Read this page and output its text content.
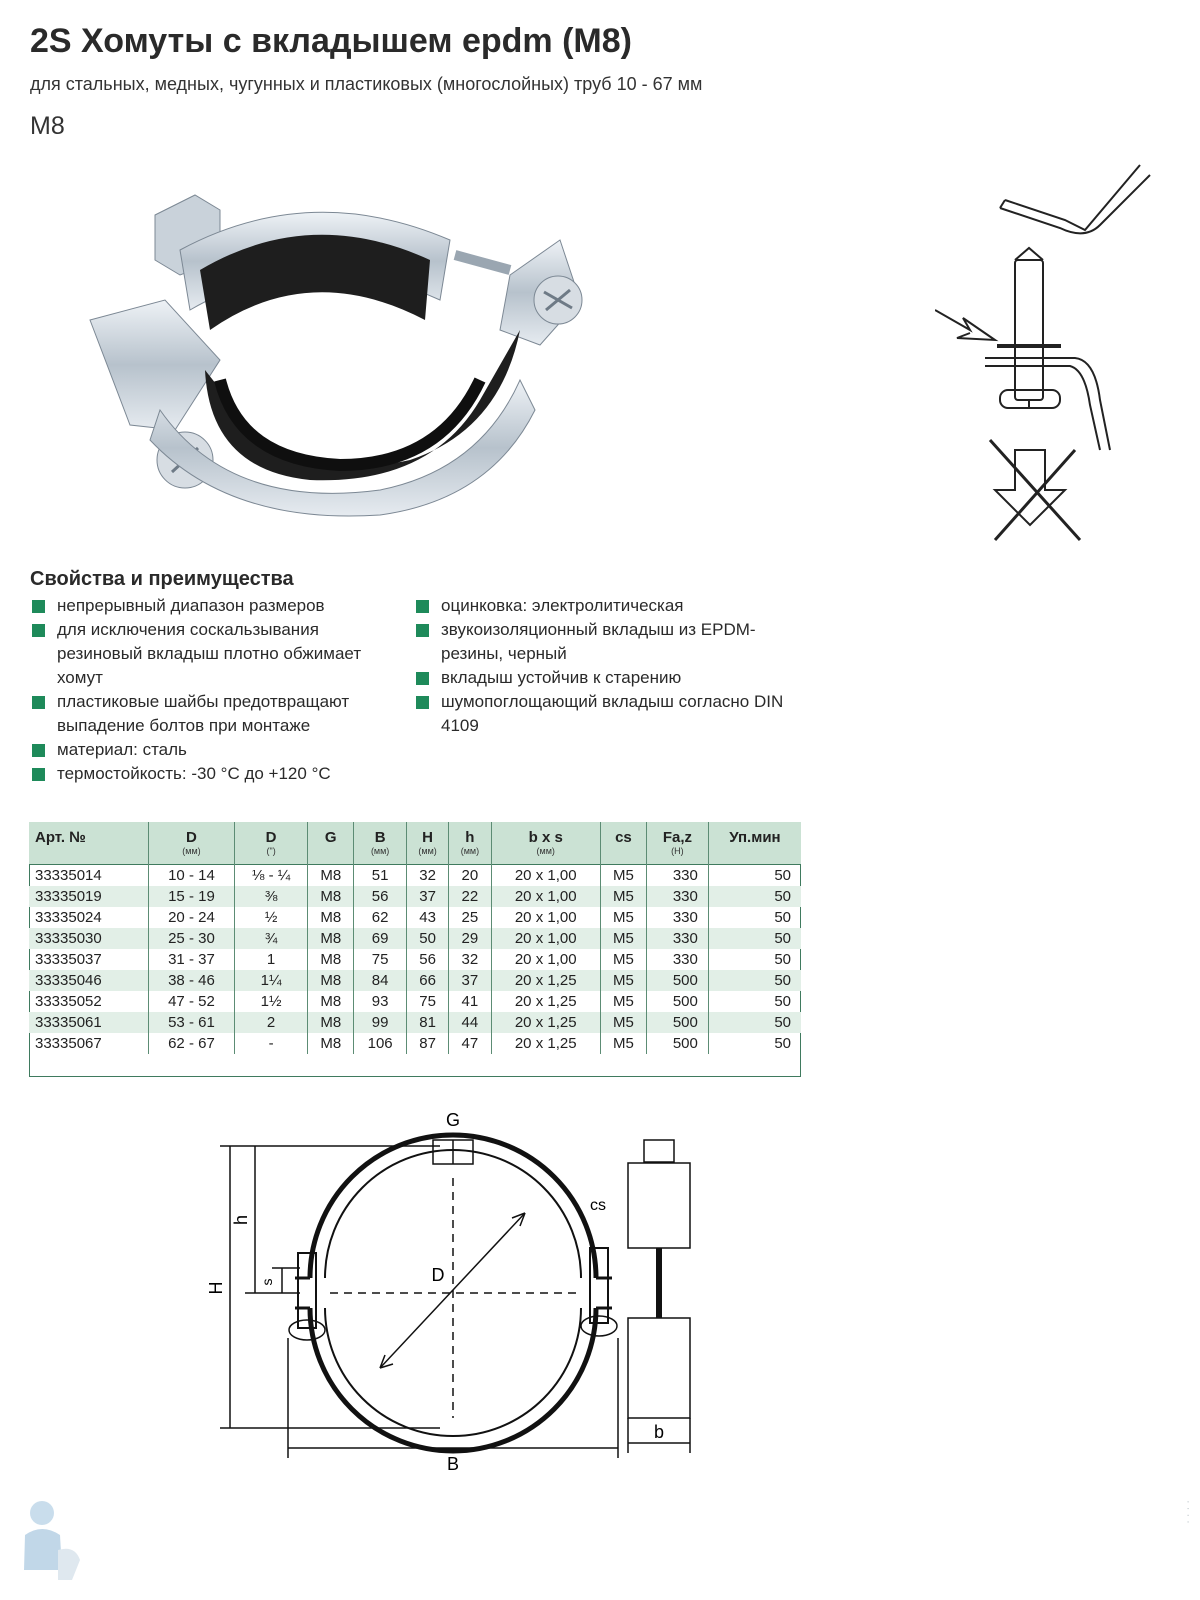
2S Хомуты с вкладышем epdm (М8)
для стальных, медных, чугунных и пластиковых (многослойных) труб 10 - 67 мм
М8
Свойства и преимущества
непрерывный диапазон размеров
для исключения соскальзывания резиновый вкладыш плотно обжимает хомут
пластиковые шайбы предотвращают выпадение болтов при монтаже
материал: сталь
термостойкость: -30 °С до +120 °С
оцинковка: электролитическая
звукоизоляционный вкладыш из EPDM-резины, черный
вкладыш устойчив к старению
шумопоглощающий вкладыш согласно DIN 4109
Арт. №	D	D	G	B	H	h	b x s	cs	Fa,z	Уп.мин
	(мм)	(")		(мм)	(мм)	(мм)	(мм)		(Н)	
33335014	10 - 14	⅛ - ¼	M8	51	32	20	20 x 1,00	M5	330	50
33335019	15 - 19	⅜	M8	56	37	22	20 x 1,00	M5	330	50
33335024	20 - 24	½	M8	62	43	25	20 x 1,00	M5	330	50
33335030	25 - 30	¾	M8	69	50	29	20 x 1,00	M5	330	50
33335037	31 - 37	1	M8	75	56	32	20 x 1,00	M5	330	50
33335046	38 - 46	1¼	M8	84	66	37	20 x 1,25	M5	500	50
33335052	47 - 52	1½	M8	93	75	41	20 x 1,25	M5	500	50
33335061	53 - 61	2	M8	99	81	44	20 x 1,25	M5	500	50
33335067	62 - 67	-	M8	106	87	47	20 x 1,25	M5	500	50
G
cs
H
h
s	D
B
b
· · · ·
